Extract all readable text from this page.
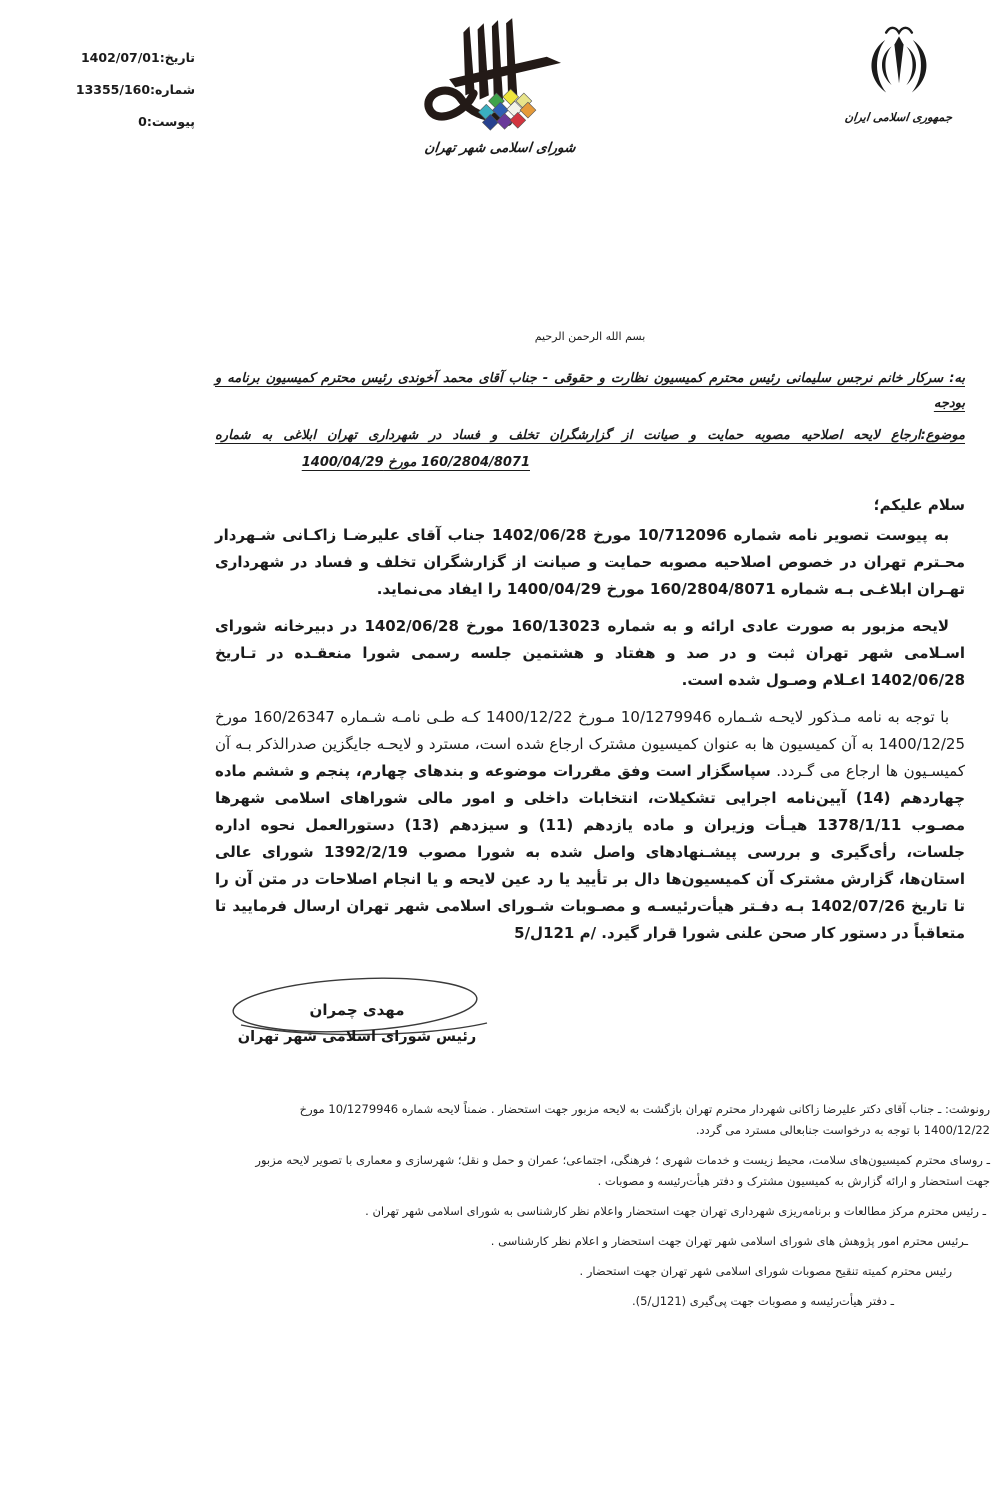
تاریخ:1402/07/01
شماره:13355/160
پیوست:0
شورای اسلامی شهر تهران
جمهوری اسلامی ایران
بسم الله الرحمن الرحیم
به: سرکار خانم نرجس سلیمانی رئیس محترم کمیسیون نظارت و حقوقی - جناب آقای محمد آخوندی رئیس محترم کمیسیون برنامه و بودجه
موضوع:ارجاع لایحه اصلاحیه مصوبه حمایت و صیانت از گزارشگران تخلف و فساد در شهرداری تهران ابلاغی به شماره
160/2804/8071 مورخ 1400/04/29
سلام علیکم؛

به پیوست تصویر نامه شماره 10/712096 مورخ 1402/06/28 جناب آقای علیرضـا زاکـانی شـهردار محـترم تهران در خصوص اصلاحیه مصوبه حمایت و صیانت از گزارشگران تخلف و فساد در شهرداری تهـران ابلاغـی بـه شماره 160/2804/8071 مورخ 1400/04/29 را ایفاد می‌نماید.

لایحه مزبور به صورت عادی ارائه و به شماره 160/13023 مورخ 1402/06/28 در دبیرخانه شورای اسـلامی شهر تهران ثبت و در صد و هفتاد و هشتمین جلسه رسمی شورا منعقـده در تـاریخ 1402/06/28 اعـلام وصـول شده است.

با توجه به نامه مـذکور لایحـه شـماره 10/1279946 مـورخ 1400/12/22 کـه طـی نامـه شـماره 160/26347 مورخ 1400/12/25 به آن کمیسیون ها به عنوان کمیسیون مشترک ارجاع شده است، مسترد و لایحـه جایگزین صدرالذکر بـه آن کمیسـیون ها ارجاع می گـردد. سپاسگزار است وفق مقررات موضوعه و بندهای چهارم، پنجم و ششم ماده چهاردهم (14) آیین‌نامه اجرایی تشکیلات، انتخابات داخلی و امور مالی شوراهای اسلامی شهرها مصـوب 1378/1/11 هیـأت وزیران و ماده یازدهم (11) و سیزدهم (13) دستورالعمل نحوه اداره جلسات، رأی‌گیری و بررسی پیشـنهادهای واصل شده به شورا مصوب 1392/2/19 شورای عالی استان‌ها، گزارش مشترک آن کمیسیون‌ها دال بر تأیید یا رد عین لایحه و یا انجام اصلاحات در متن آن را تا تاریخ 1402/07/26 بـه دفـتر هیأت‌رئیسـه و مصـوبات شـورای اسلامی شهر تهران ارسال فرمایید تا متعاقباً در دستور کار صحن علنی شورا قرار گیرد. /م 121ل/5

مهدی چمران
رئیس شورای اسلامی شهر تهران
رونوشت: ـ جناب آقای دکتر علیرضا زاکانی شهردار محترم تهران بازگشت به لایحه مزبور جهت استحضار . ضمناً لایحه شماره 10/1279946 مورخ 1400/12/22 با توجه به درخواست جنابعالی مسترد می گردد.
ـ روسای محترم کمیسیون‌های سلامت، محیط زیست و خدمات شهری ؛ فرهنگی، اجتماعی؛ عمران و حمل و نقل؛ شهرسازی و معماری با تصویر لایحه مزبور جهت استحضار و ارائه گزارش به کمیسیون مشترک و دفتر هیأت‌رئیسه و مصوبات .
ـ رئیس محترم مرکز مطالعات و برنامه‌ریزی شهرداری تهران جهت استحضار واعلام نظر کارشناسی به شورای اسلامی شهر تهران .
ـرئیس محترم امور پژوهش های شورای اسلامی شهر تهران جهت استحضار و اعلام نظر کارشناسی .
رئیس محترم کمیته تنقیح مصوبات شورای اسلامی شهر تهران جهت استحضار .
ـ دفتر هیأت‌رئیسه و مصوبات جهت پی‌گیری (121ل/5).
